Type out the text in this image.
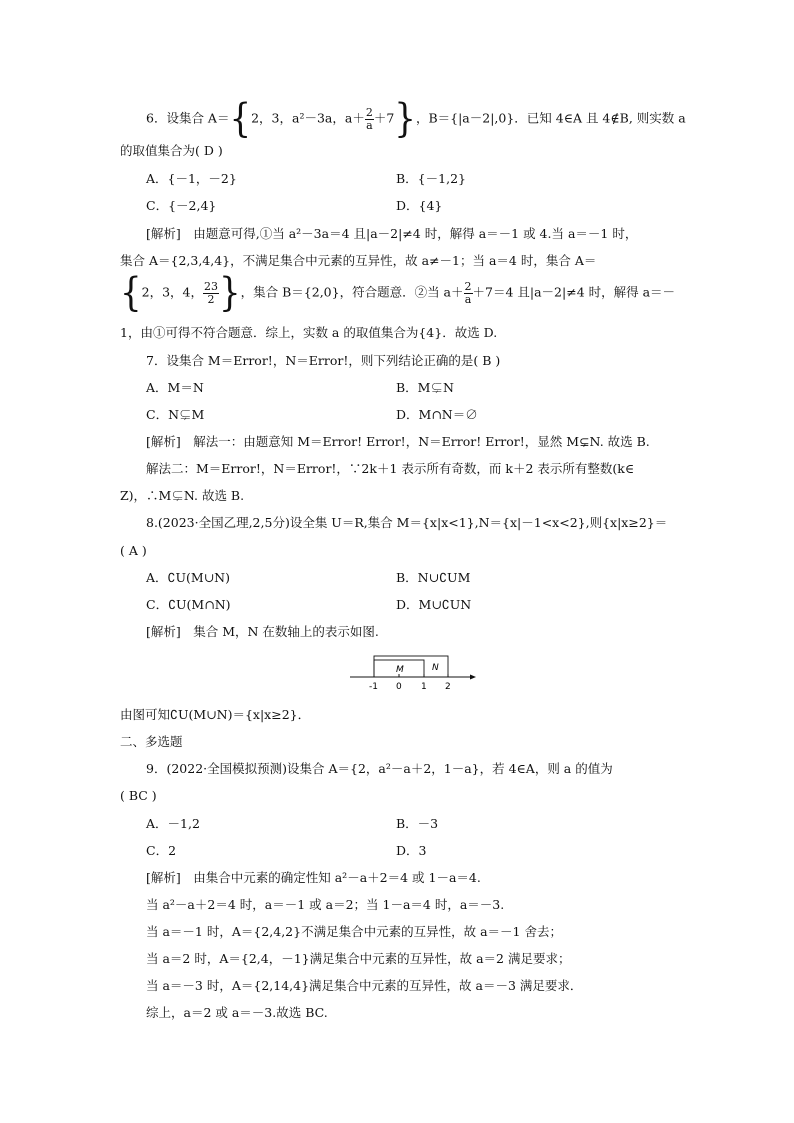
6．设集合 A＝{2，3，a²－3a，$a+ \frac{2}{a} +7$}，B＝{|a－2|,0}．已知 4∈A 且 4∉B, 则实数 a
的取值集合为( D )
A．{－1，－2}	B．{－1,2}
C．{－2,4}	D．{4}
[解析]　由题意可得,①当 a²－3a＝4 且|a－2|≠4 时，解得 a＝－1 或 4.当 a＝－1 时，
集合 A＝{2,3,4,4}，不满足集合中元素的互异性，故 a≠－1；当 a＝4 时，集合 A＝
{2，3，4， $\frac{23}{2}$ }，集合 B＝{2,0}，符合题意．②当 $a+ \frac{2}{a} +7=4$ 且|a－2|≠4 时，解得 a＝－
1，由①可得不符合题意．综上，实数 a 的取值集合为{4}．故选 D.
7．设集合 M＝Error!，N＝Error!，则下列结论正确的是( B )
A．M＝N	B．M⊊N
C．N⊊M	D．M∩N＝∅
[解析]　解法一：由题意知 M＝Error! Error!，N＝Error! Error!，显然 M⊊N. 故选 B.
解法二：M＝Error!，N＝Error!，∵2k＋1 表示所有奇数，而 k＋2 表示所有整数(k∈
Z)，∴M⊊N. 故选 B.
8.(2023·全国乙理,2,5分)设全集 U＝R,集合 M＝{x|x<1},N＝{x|－1<x<2},则{x|x≥2}＝
( A )
A．∁U(M∪N)	B．N∪∁UM
C．∁U(M∩N)	D．M∪∁UN
[解析]　集合 M，N 在数轴上的表示如图.
M	N
-1 0 1 2
由图可知∁U(M∪N)＝{x|x≥2}．
二、多选题
9．(2022·全国模拟预测)设集合 A＝{2，a²－a＋2，1－a}，若 4∈A，则 a 的值为
( BC )
A．－1,2	B．－3
C．2	D．3
[解析]　由集合中元素的确定性知 a²－a＋2＝4 或 1－a＝4.
当 a²－a＋2＝4 时，a＝－1 或 a＝2；当 1－a＝4 时，a＝－3.
当 a＝－1 时，A＝{2,4,2}不满足集合中元素的互异性，故 a＝－1 舍去；
当 a＝2 时，A＝{2,4，－1}满足集合中元素的互异性，故 a＝2 满足要求；
当 a＝－3 时，A＝{2,14,4}满足集合中元素的互异性，故 a＝－3 满足要求．
综上，a＝2 或 a＝－3.故选 BC.
